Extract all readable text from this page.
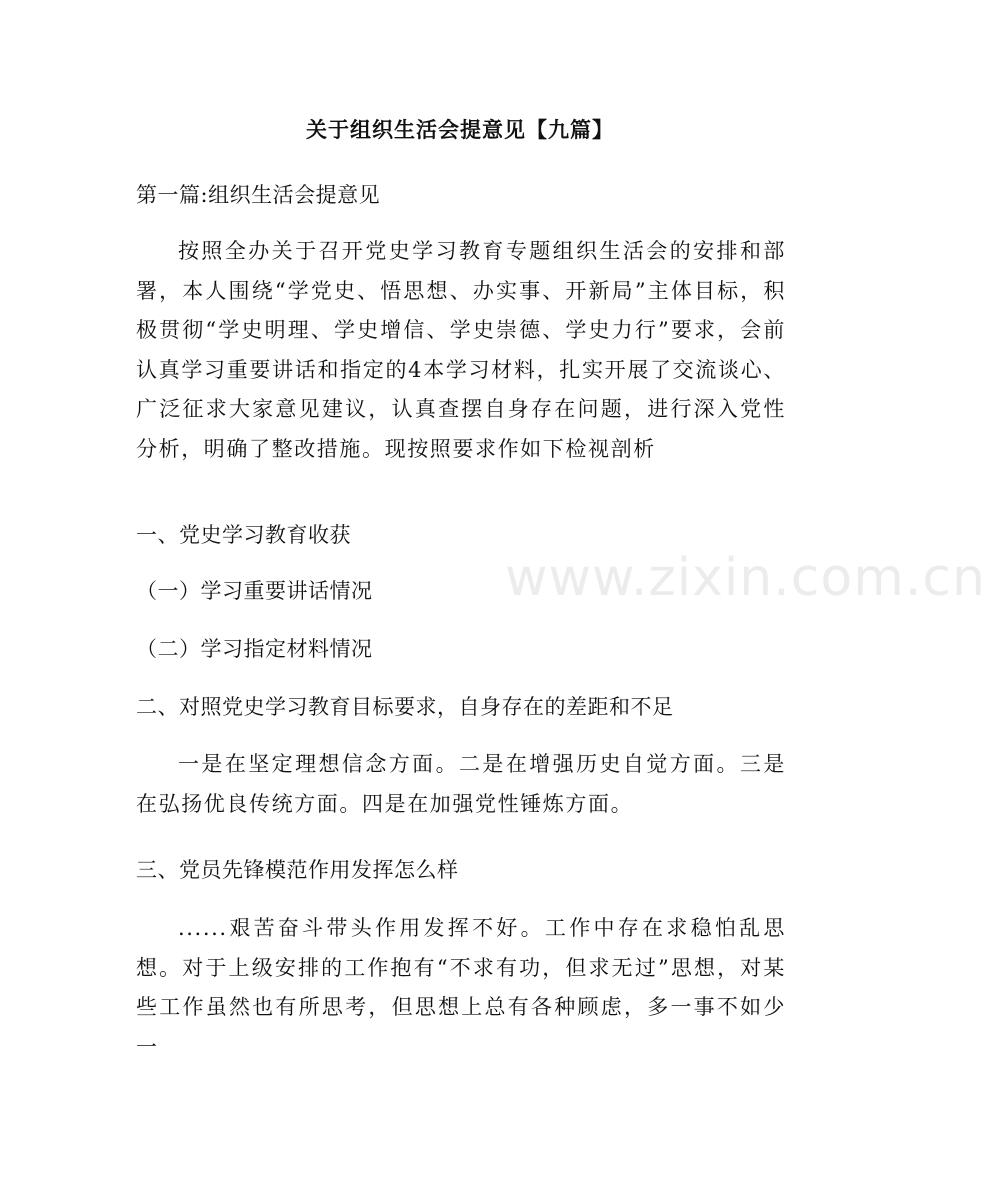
关于组织生活会提意见【九篇】
第一篇:组织生活会提意见
按照全办关于召开党史学习教育专题组织生活会的安排和部署，本人围绕“学党史、悟思想、办实事、开新局”主体目标，积极贯彻“学史明理、学史增信、学史崇德、学史力行”要求，会前认真学习重要讲话和指定的4本学习材料，扎实开展了交流谈心、广泛征求大家意见建议，认真查摆自身存在问题，进行深入党性分析，明确了整改措施。现按照要求作如下检视剖析
一、党史学习教育收获
（一）学习重要讲话情况
（二）学习指定材料情况
二、对照党史学习教育目标要求，自身存在的差距和不足
一是在坚定理想信念方面。二是在增强历史自觉方面。三是在弘扬优良传统方面。四是在加强党性锤炼方面。
三、党员先锋模范作用发挥怎么样
......艰苦奋斗带头作用发挥不好。工作中存在求稳怕乱思想。对于上级安排的工作抱有“不求有功，但求无过”思想，对某些工作虽然也有所思考，但思想上总有各种顾虑，多一事不如少一
www.zixin.com.cn
